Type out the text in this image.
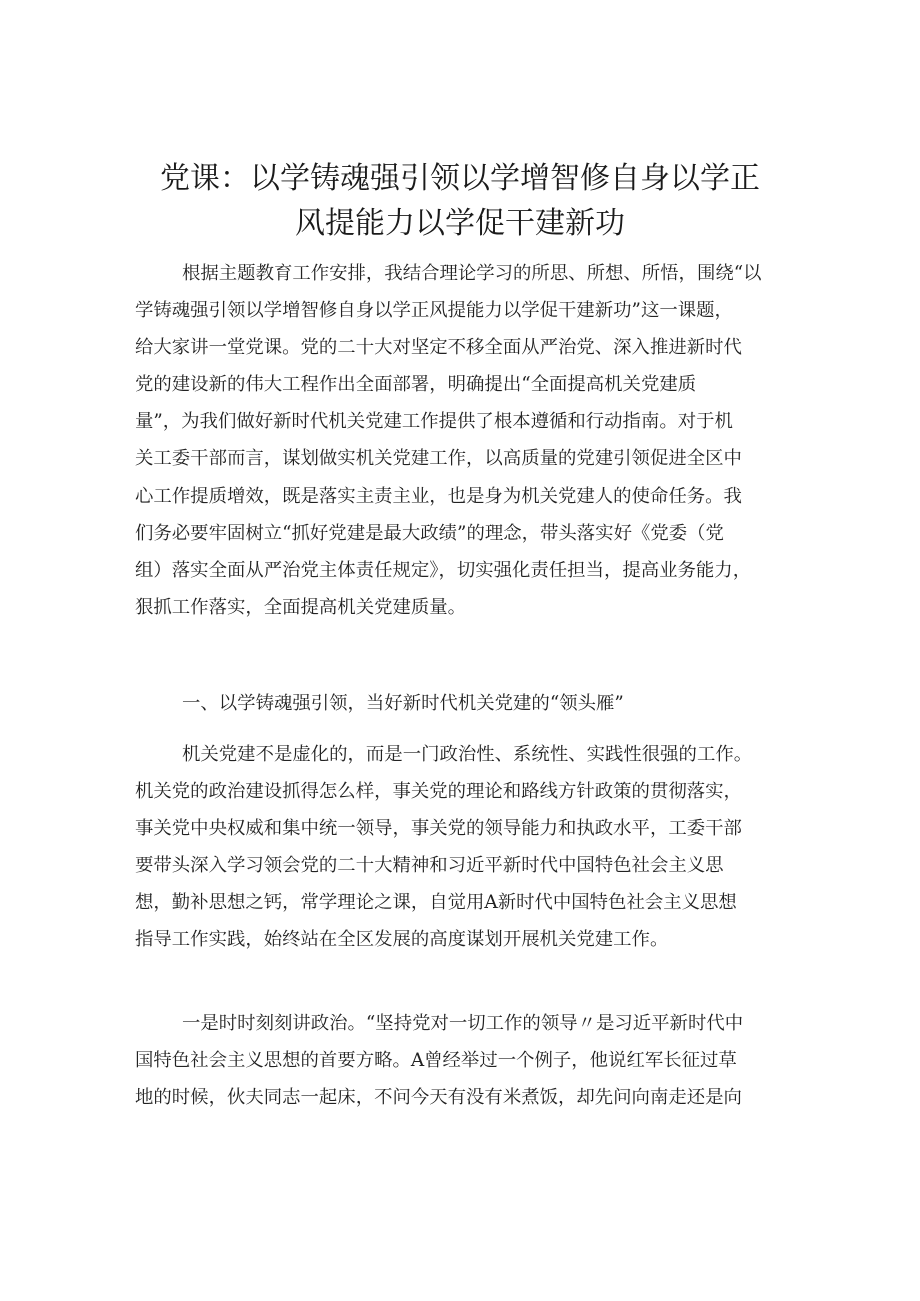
党课：以学铸魂强引领以学增智修自身以学正
风提能力以学促干建新功

根据主题教育工作安排，我结合理论学习的所思、所想、所悟，围绕“以
学铸魂强引领以学增智修自身以学正风提能力以学促干建新功”这一课题，
给大家讲一堂党课。党的二十大对坚定不移全面从严治党、深入推进新时代
党的建设新的伟大工程作出全面部署，明确提出“全面提高机关党建质
量”，为我们做好新时代机关党建工作提供了根本遵循和行动指南。对于机
关工委干部而言，谋划做实机关党建工作，以高质量的党建引领促进全区中
心工作提质增效，既是落实主责主业，也是身为机关党建人的使命任务。我
们务必要牢固树立“抓好党建是最大政绩”的理念，带头落实好《党委（党
组）落实全面从严治党主体责任规定》，切实强化责任担当，提高业务能力，
狠抓工作落实，全面提高机关党建质量。

一、以学铸魂强引领，当好新时代机关党建的“领头雁”

机关党建不是虚化的，而是一门政治性、系统性、实践性很强的工作。
机关党的政治建设抓得怎么样，事关党的理论和路线方针政策的贯彻落实，
事关党中央权威和集中统一领导，事关党的领导能力和执政水平，工委干部
要带头深入学习领会党的二十大精神和习近平新时代中国特色社会主义思
想，勤补思想之钙，常学理论之课，自觉用A新时代中国特色社会主义思想
指导工作实践，始终站在全区发展的高度谋划开展机关党建工作。

一是时时刻刻讲政治。“坚持党对一切工作的领导〃是习近平新时代中
国特色社会主义思想的首要方略。A曾经举过一个例子，他说红军长征过草
地的时候，伙夫同志一起床，不问今天有没有米煮饭，却先问向南走还是向
